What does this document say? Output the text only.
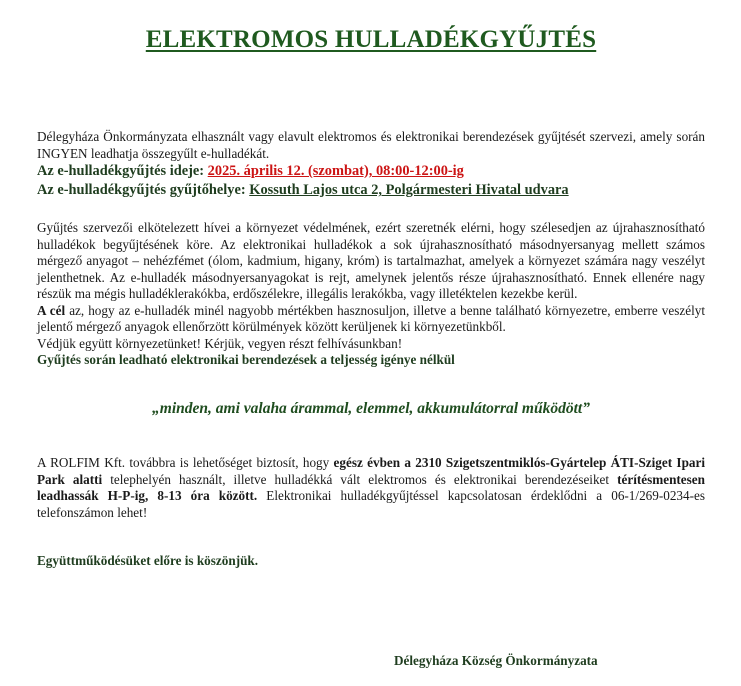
ELEKTROMOS HULLADÉKGYŰJTÉS
Délegyháza Önkormányzata elhasznált vagy elavult elektromos és elektronikai berendezések gyűjtését szervezi, amely során INGYEN leadhatja összegyűlt e-hulladékát.
Az e-hulladékgyűjtés ideje: 2025. április 12. (szombat), 08:00-12:00-ig
Az e-hulladékgyűjtés gyűjtőhelye: Kossuth Lajos utca 2, Polgármesteri Hivatal udvara

Gyűjtés szervezői elkötelezett hívei a környezet védelmének, ezért szeretnék elérni, hogy szélesedjen az újrahasznosítható hulladékok begyűjtésének köre. Az elektronikai hulladékok a sok újrahasznosítható másodnyersanyag mellett számos mérgező anyagot – nehézfémet (ólom, kadmium, higany, króm) is tartalmazhat, amelyek a környezet számára nagy veszélyt jelenthetnek. Az e-hulladék másodnyersanyagokat is rejt, amelynek jelentős része újrahasznosítható. Ennek ellenére nagy részük ma mégis hulladéklerakókba, erdőszélekre, illegális lerakókba, vagy illetéktelen kezekbe kerül.

A cél az, hogy az e-hulladék minél nagyobb mértékben hasznosuljon, illetve a benne található környezetre, emberre veszélyt jelentő mérgező anyagok ellenőrzött körülmények között kerüljenek ki környezetünkből.

Védjük együtt környezetünket! Kérjük, vegyen részt felhívásunkban!

Gyűjtés során leadható elektronikai berendezések a teljesség igénye nélkül

„minden, ami valaha árammal, elemmel, akkumulátorral működött”
A ROLFIM Kft. továbbra is lehetőséget biztosít, hogy egész évben a 2310 Szigetszentmiklós-Gyártelep ÁTI-Sziget Ipari Park alatti telephelyén használt, illetve hulladékká vált elektromos és elektronikai berendezéseiket térítésmentesen leadhassák H-P-ig, 8-13 óra között. Elektronikai hulladékgyűjtéssel kapcsolatosan érdeklődni a 06-1/269-0234-es telefonszámon lehet!
Együttműködésüket előre is köszönjük.
Délegyháza Község Önkormányzata
